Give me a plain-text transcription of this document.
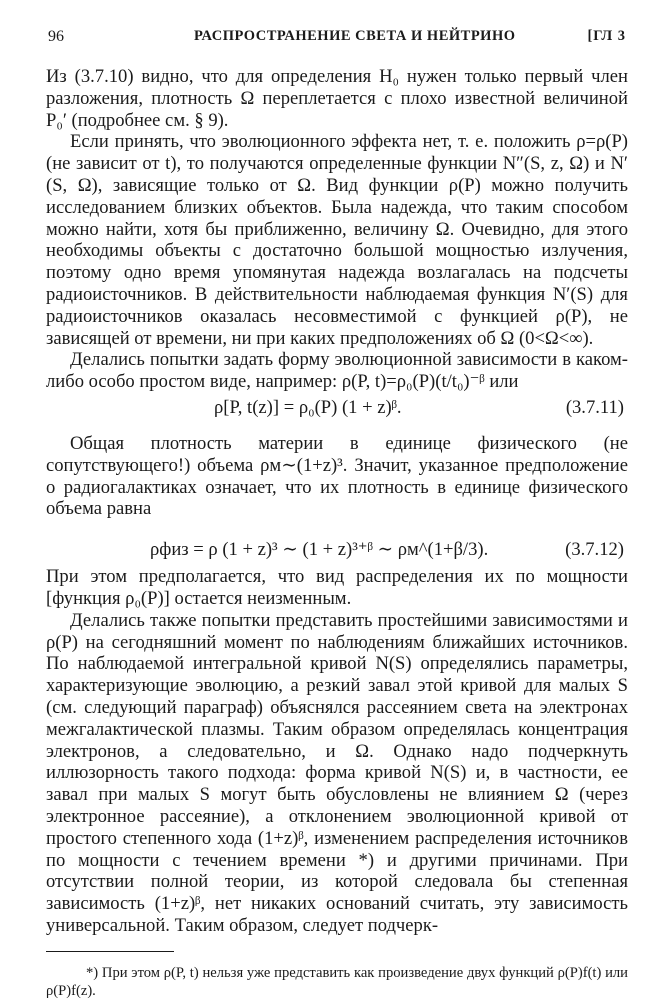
96	РАСПРОСТРАНЕНИЕ СВЕТА И НЕЙТРИНО	[ГЛ 3

Из (3.7.10) видно, что для определения H₀ нужен только первый член разложения, плотность Ω переплетается с плохо известной величиной P₀′ (подробнее см. § 9).

Если принять, что эволюционного эффекта нет, т. е. положить ρ=ρ(P) (не зависит от t), то получаются определенные функции N″(S, z, Ω) и N′(S, Ω), зависящие только от Ω. Вид функции ρ(P) можно получить исследованием близких объектов. Была надежда, что таким способом можно найти, хотя бы приближенно, величину Ω. Очевидно, для этого необходимы объекты с достаточно большой мощностью излучения, поэтому одно время упомянутая надежда возлагалась на подсчеты радиоисточников. В действительности наблюдаемая функция N′(S) для радиоисточников оказалась несовместимой с функцией ρ(P), не зависящей от времени, ни при каких предположениях об Ω (0<Ω<∞).

Делались попытки задать форму эволюционной зависимости в каком-либо особо простом виде, например: ρ(P, t)=ρ₀(P)(t/t₀)⁻ᵝ или

ρ[P, t(z)] = ρ₀(P) (1 + z)ᵝ.	(3.7.11)

Общая плотность материи в единице физического (не сопутствующего!) объема ρм∼(1+z)³. Значит, указанное предположение о радиогалактиках означает, что их плотность в единице физического объема равна

ρфиз = ρ (1 + z)³ ∼ (1 + z)³⁺ᵝ ∼ ρм^(1+β/3).	(3.7.12)

При этом предполагается, что вид распределения их по мощности [функция ρ₀(P)] остается неизменным.

Делались также попытки представить простейшими зависимостями и ρ(P) на сегодняшний момент по наблюдениям ближайших источников. По наблюдаемой интегральной кривой N(S) определялись параметры, характеризующие эволюцию, а резкий завал этой кривой для малых S (см. следующий параграф) объяснялся рассеянием света на электронах межгалактической плазмы. Таким образом определялась концентрация электронов, а следовательно, и Ω. Однако надо подчеркнуть иллюзорность такого подхода: форма кривой N(S) и, в частности, ее завал при малых S могут быть обусловлены не влиянием Ω (через электронное рассеяние), а отклонением эволюционной кривой от простого степенного хода (1+z)ᵝ, изменением распределения источников по мощности с течением времени *) и другими причинами. При отсутствии полной теории, из которой следовала бы степенная зависимость (1+z)ᵝ, нет никаких оснований считать, эту зависимость универсальной. Таким образом, следует подчерк-

*) При этом ρ(P, t) нельзя уже представить как произведение двух функций ρ(P)f(t) или ρ(P)f(z).
